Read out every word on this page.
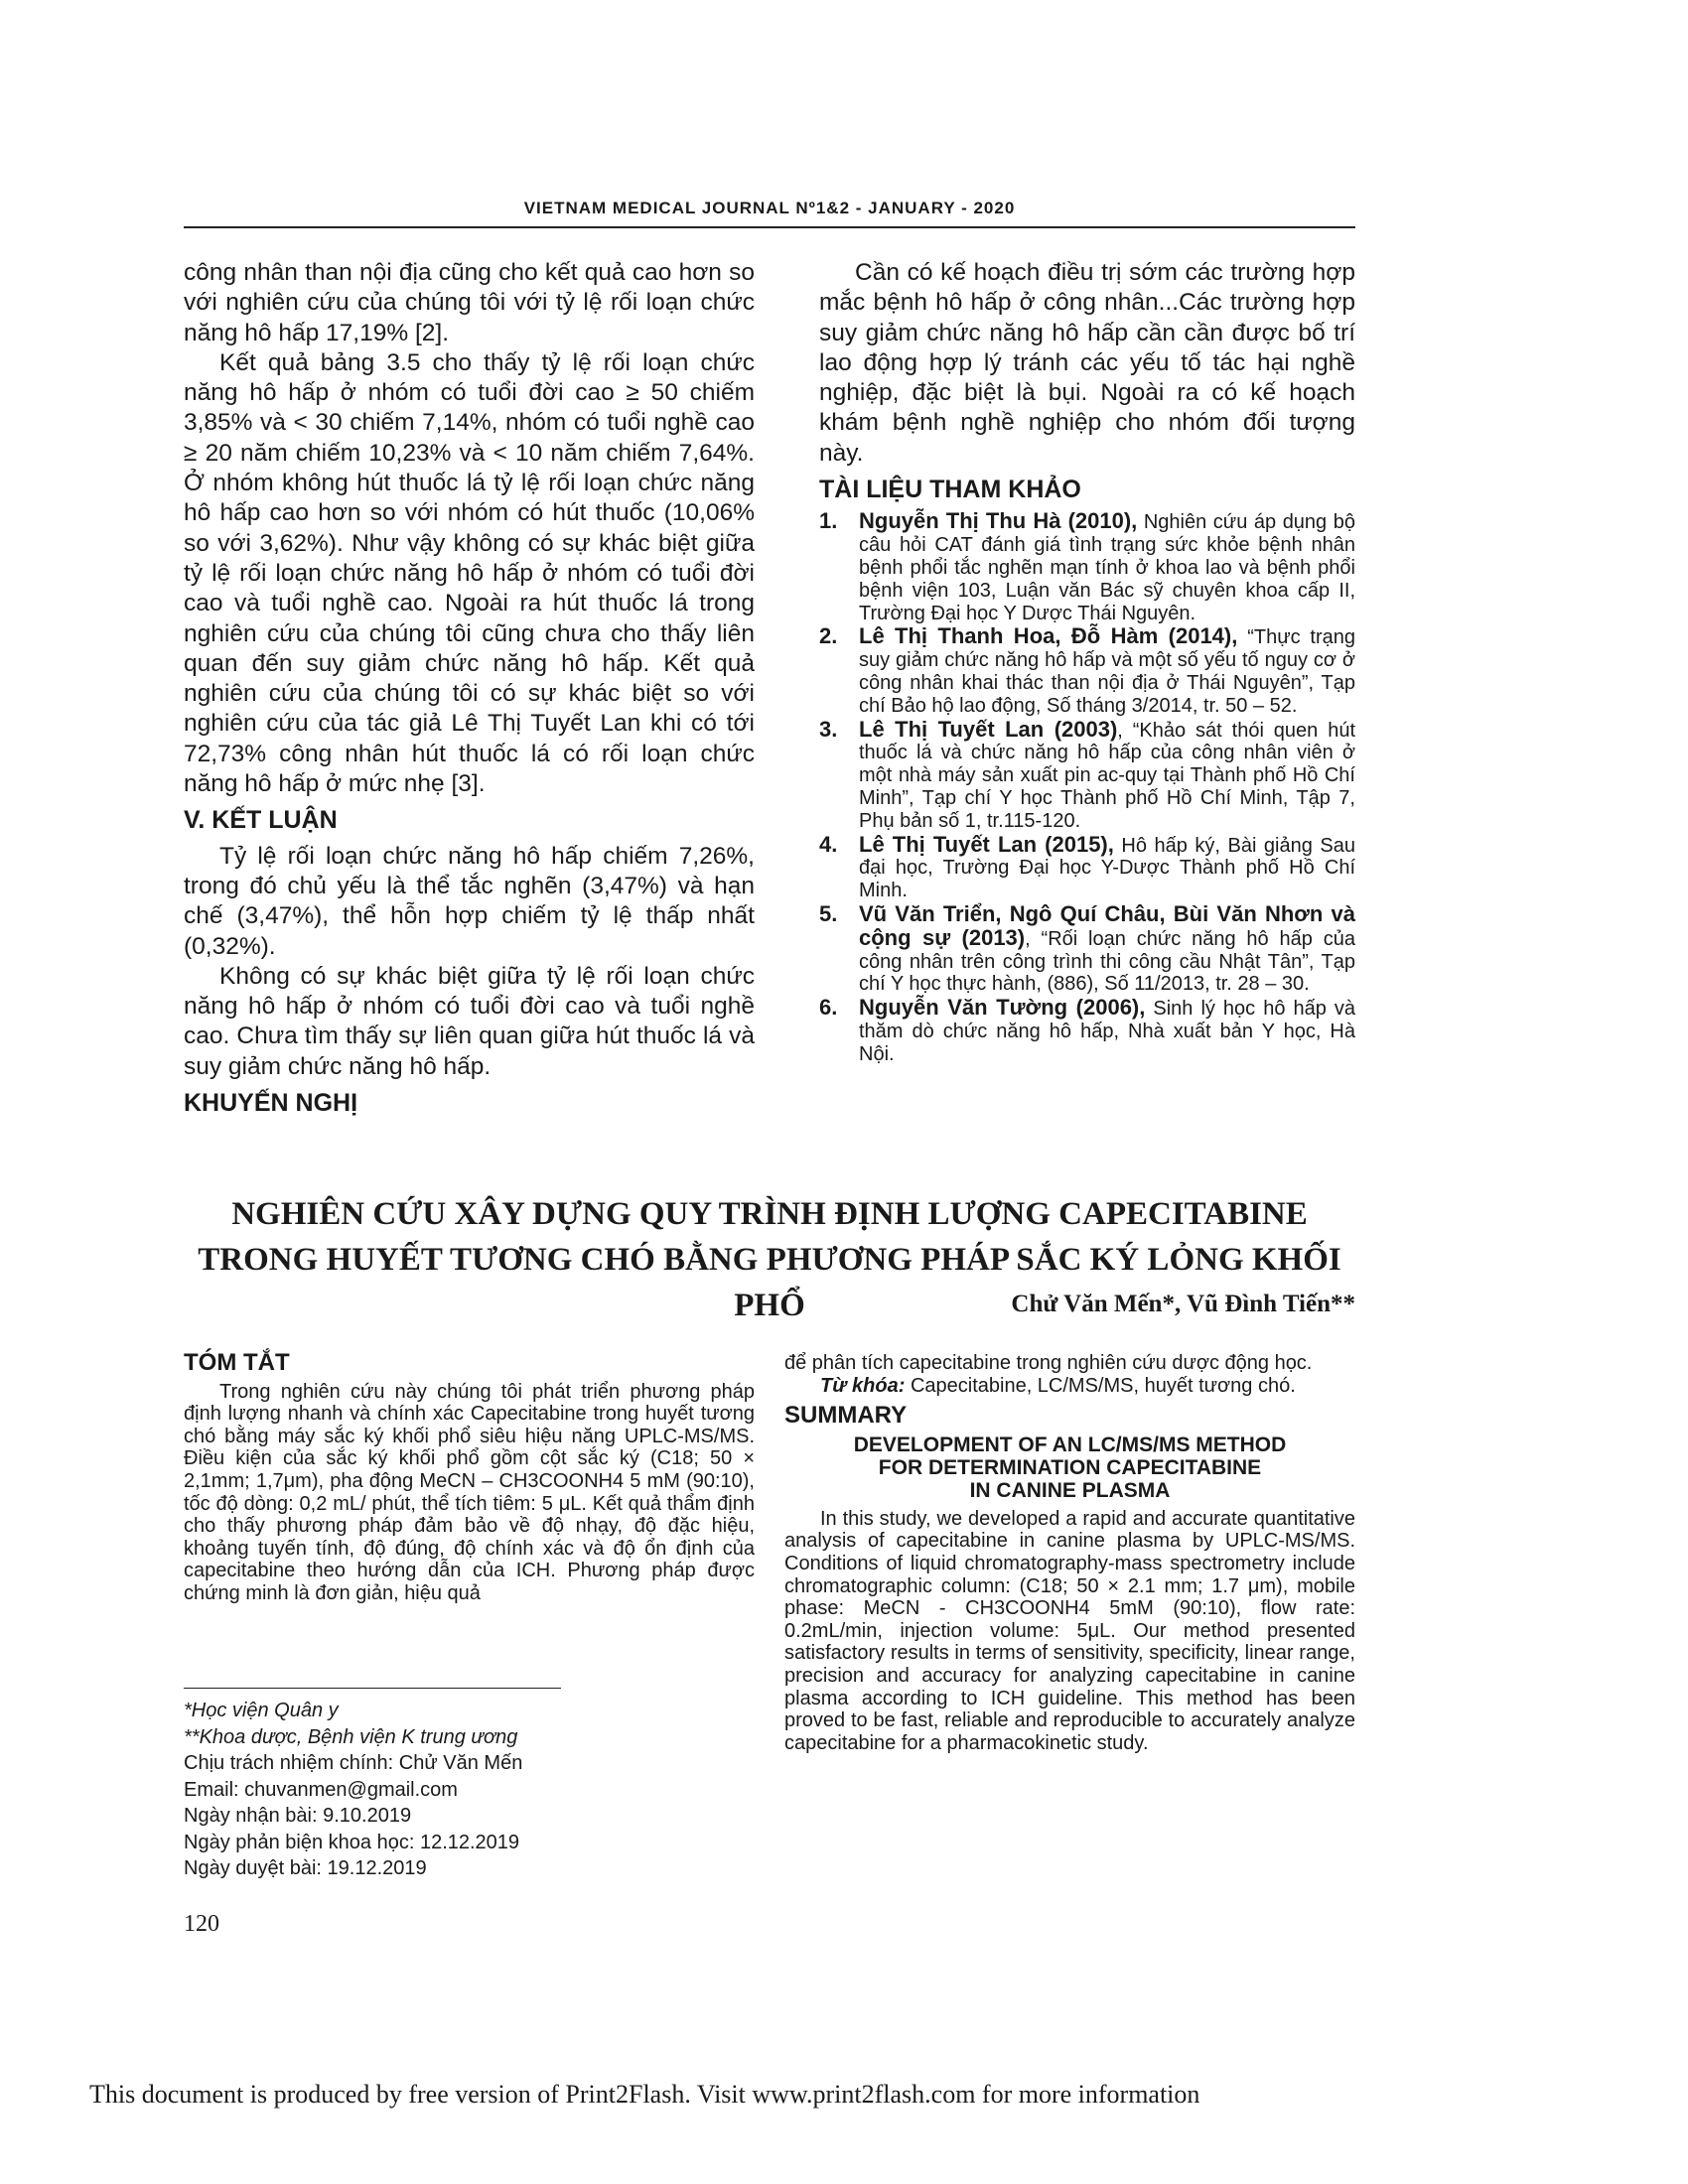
VIETNAM MEDICAL JOURNAL Nº1&2 - JANUARY - 2020

công nhân than nội địa cũng cho kết quả cao hơn so với nghiên cứu của chúng tôi với tỷ lệ rối loạn chức năng hô hấp 17,19% [2].

Kết quả bảng 3.5 cho thấy tỷ lệ rối loạn chức năng hô hấp ở nhóm có tuổi đời cao ≥ 50 chiếm 3,85% và < 30 chiếm 7,14%, nhóm có tuổi nghề cao ≥ 20 năm chiếm 10,23% và < 10 năm chiếm 7,64%. Ở nhóm không hút thuốc lá tỷ lệ rối loạn chức năng hô hấp cao hơn so với nhóm có hút thuốc (10,06% so với 3,62%). Như vậy không có sự khác biệt giữa tỷ lệ rối loạn chức năng hô hấp ở nhóm có tuổi đời cao và tuổi nghề cao. Ngoài ra hút thuốc lá trong nghiên cứu của chúng tôi cũng chưa cho thấy liên quan đến suy giảm chức năng hô hấp. Kết quả nghiên cứu của chúng tôi có sự khác biệt so với nghiên cứu của tác giả Lê Thị Tuyết Lan khi có tới 72,73% công nhân hút thuốc lá có rối loạn chức năng hô hấp ở mức nhẹ [3].

V. KẾT LUẬN

Tỷ lệ rối loạn chức năng hô hấp chiếm 7,26%, trong đó chủ yếu là thể tắc nghẽn (3,47%) và hạn chế (3,47%), thể hỗn hợp chiếm tỷ lệ thấp nhất (0,32%).

Không có sự khác biệt giữa tỷ lệ rối loạn chức năng hô hấp ở nhóm có tuổi đời cao và tuổi nghề cao. Chưa tìm thấy sự liên quan giữa hút thuốc lá và suy giảm chức năng hô hấp.

KHUYẾN NGHỊ

Cần có kế hoạch điều trị sớm các trường hợp mắc bệnh hô hấp ở công nhân...Các trường hợp suy giảm chức năng hô hấp cần cần được bố trí lao động hợp lý tránh các yếu tố tác hại nghề nghiệp, đặc biệt là bụi. Ngoài ra có kế hoạch khám bệnh nghề nghiệp cho nhóm đối tượng này.

TÀI LIỆU THAM KHẢO
1. Nguyễn Thị Thu Hà (2010), Nghiên cứu áp dụng bộ câu hỏi CAT đánh giá tình trạng sức khỏe bệnh nhân bệnh phổi tắc nghẽn mạn tính ở khoa lao và bệnh phổi bệnh viện 103, Luận văn Bác sỹ chuyên khoa cấp II, Trường Đại học Y Dược Thái Nguyên.
2. Lê Thị Thanh Hoa, Đỗ Hàm (2014), “Thực trạng suy giảm chức năng hô hấp và một số yếu tố nguy cơ ở công nhân khai thác than nội địa ở Thái Nguyên”, Tạp chí Bảo hộ lao động, Số tháng 3/2014, tr. 50 – 52.
3. Lê Thị Tuyết Lan (2003), “Khảo sát thói quen hút thuốc lá và chức năng hô hấp của công nhân viên ở một nhà máy sản xuất pin ac-quy tại Thành phố Hồ Chí Minh”, Tạp chí Y học Thành phố Hồ Chí Minh, Tập 7, Phụ bản số 1, tr.115-120.
4. Lê Thị Tuyết Lan (2015), Hô hấp ký, Bài giảng Sau đại học, Trường Đại học Y-Dược Thành phố Hồ Chí Minh.
5. Vũ Văn Triển, Ngô Quí Châu, Bùi Văn Nhơn và cộng sự (2013), “Rối loạn chức năng hô hấp của công nhân trên công trình thi công cầu Nhật Tân”, Tạp chí Y học thực hành, (886), Số 11/2013, tr. 28 – 30.
6. Nguyễn Văn Tường (2006), Sinh lý học hô hấp và thăm dò chức năng hô hấp, Nhà xuất bản Y học, Hà Nội.
NGHIÊN CỨU XÂY DỰNG QUY TRÌNH ĐỊNH LƯỢNG CAPECITABINE
TRONG HUYẾT TƯƠNG CHÓ BẰNG PHƯƠNG PHÁP SẮC KÝ LỎNG KHỐI PHỔ	Chử Văn Mến*, Vũ Đình Tiến**
TÓM TẮT

Trong nghiên cứu này chúng tôi phát triển phương pháp định lượng nhanh và chính xác Capecitabine trong huyết tương chó bằng máy sắc ký khối phổ siêu hiệu năng UPLC-MS/MS. Điều kiện của sắc ký khối phổ gồm cột sắc ký (C18; 50 × 2,1mm; 1,7μm), pha động MeCN – CH3COONH4 5 mM (90:10), tốc độ dòng: 0,2 mL/ phút, thể tích tiêm: 5 μL. Kết quả thẩm định cho thấy phương pháp đảm bảo về độ nhạy, độ đặc hiệu, khoảng tuyến tính, độ đúng, độ chính xác và độ ổn định của capecitabine theo hướng dẫn của ICH. Phương pháp được chứng minh là đơn giản, hiệu quả

để phân tích capecitabine trong nghiên cứu dược động học.

Từ khóa: Capecitabine, LC/MS/MS, huyết tương chó.

SUMMARY
DEVELOPMENT OF AN LC/MS/MS METHOD
FOR DETERMINATION CAPECITABINE
IN CANINE PLASMA

In this study, we developed a rapid and accurate quantitative analysis of capecitabine in canine plasma by UPLC-MS/MS. Conditions of liquid chromatography-mass spectrometry include chromatographic column: (C18; 50 × 2.1 mm; 1.7 μm), mobile phase: MeCN - CH3COONH4 5mM (90:10), flow rate: 0.2mL/min, injection volume: 5μL. Our method presented satisfactory results in terms of sensitivity, specificity, linear range, precision and accuracy for analyzing capecitabine in canine plasma according to ICH guideline. This method has been proved to be fast, reliable and reproducible to accurately analyze capecitabine for a pharmacokinetic study.

*Học viện Quân y
**Khoa dược, Bệnh viện K trung ương
Chịu trách nhiệm chính: Chử Văn Mến
Email: chuvanmen@gmail.com
Ngày nhận bài: 9.10.2019
Ngày phản biện khoa học: 12.12.2019
Ngày duyệt bài: 19.12.2019
120
This document is produced by free version of Print2Flash. Visit www.print2flash.com for more information
